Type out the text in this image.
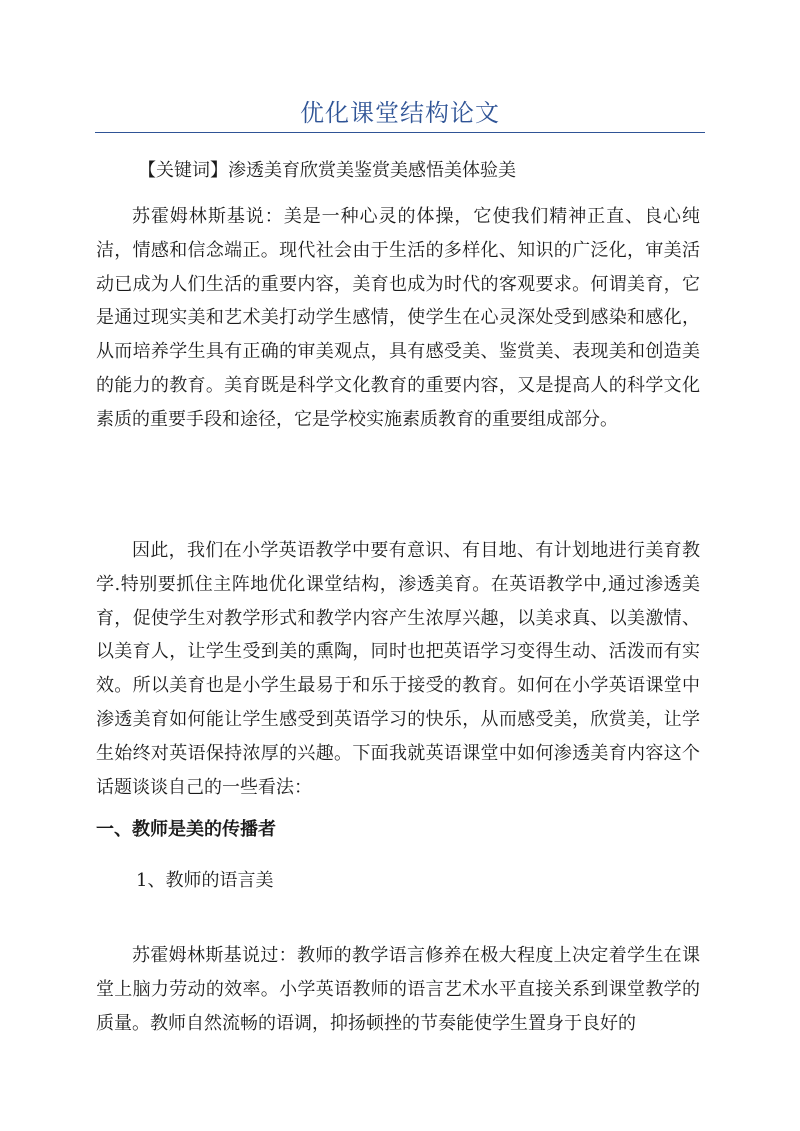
优化课堂结构论文
【关键词】渗透美育欣赏美鉴赏美感悟美体验美

苏霍姆林斯基说：美是一种心灵的体操，它使我们精神正直、良心纯洁，情感和信念端正。现代社会由于生活的多样化、知识的广泛化，审美活动已成为人们生活的重要内容，美育也成为时代的客观要求。何谓美育，它是通过现实美和艺术美打动学生感情，使学生在心灵深处受到感染和感化，从而培养学生具有正确的审美观点，具有感受美、鉴赏美、表现美和创造美的能力的教育。美育既是科学文化教育的重要内容，又是提高人的科学文化素质的重要手段和途径，它是学校实施素质教育的重要组成部分。

因此，我们在小学英语教学中要有意识、有目地、有计划地进行美育教学.特别要抓住主阵地优化课堂结构，渗透美育。在英语教学中,通过渗透美育，促使学生对教学形式和教学内容产生浓厚兴趣，以美求真、以美激情、以美育人，让学生受到美的熏陶，同时也把英语学习变得生动、活泼而有实效。所以美育也是小学生最易于和乐于接受的教育。如何在小学英语课堂中渗透美育如何能让学生感受到英语学习的快乐，从而感受美，欣赏美，让学生始终对英语保持浓厚的兴趣。下面我就英语课堂中如何渗透美育内容这个话题谈谈自己的一些看法：

一、教师是美的传播者
1、教师的语言美

苏霍姆林斯基说过：教师的教学语言修养在极大程度上决定着学生在课堂上脑力劳动的效率。小学英语教师的语言艺术水平直接关系到课堂教学的质量。教师自然流畅的语调，抑扬顿挫的节奏能使学生置身于良好的
